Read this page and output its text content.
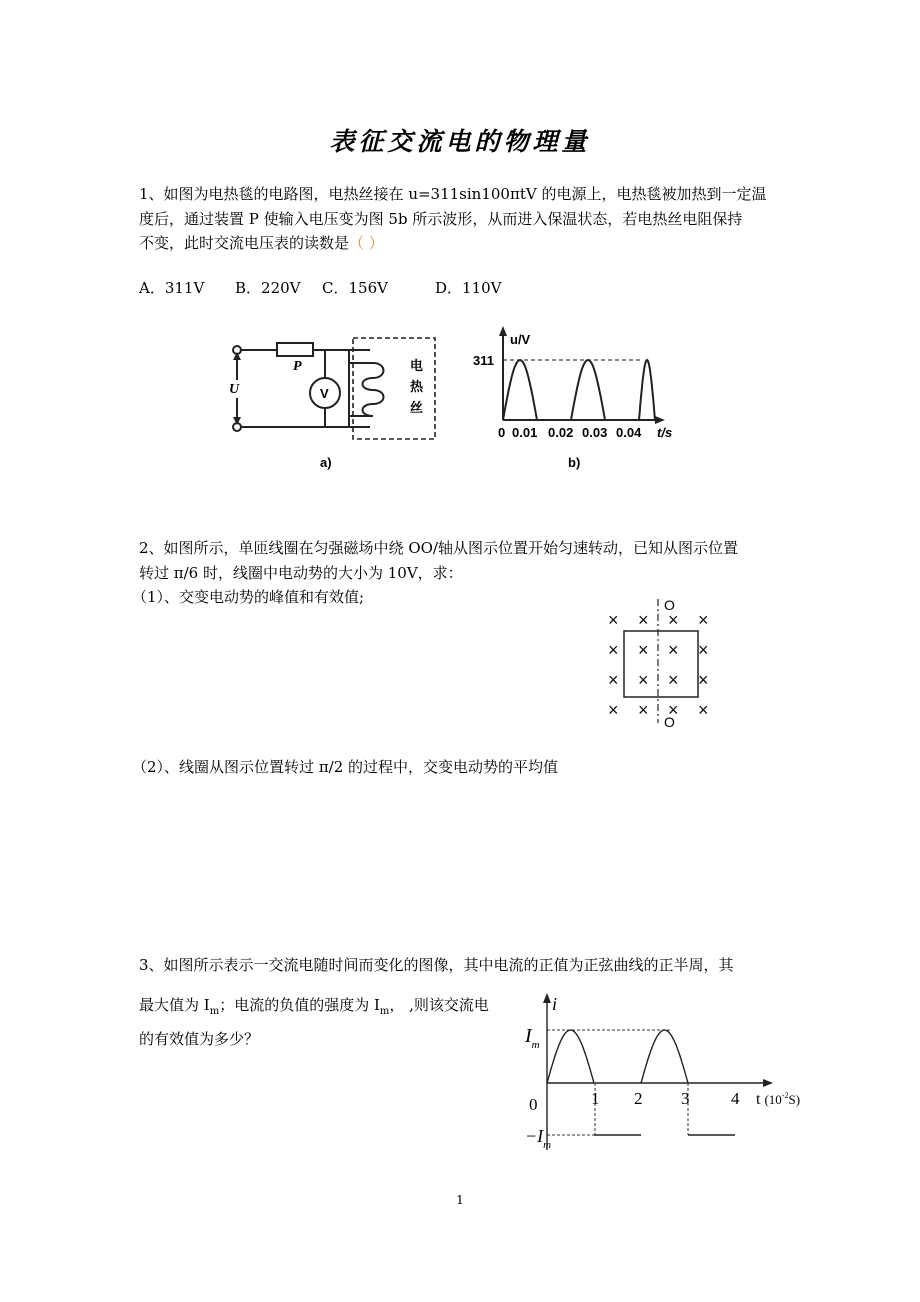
表征交流电的物理量
1、如图为电热毯的电路图，电热丝接在 u=311sin100πtV 的电源上，电热毯被加热到一定温
度后，通过装置 P 使输入电压变为图 5b 所示波形，从而进入保温状态，若电热丝电阻保持
不变，此时交流电压表的读数是（ ）
A．311V B．220V C．156V	D．110V
P
U	V
电
热
丝
a)
u/V
311
0 0.01 0.02 0.03 0.04 t/s
b)
2、如图所示，单匝线圈在匀强磁场中绕 OO/轴从图示位置开始匀速转动，已知从图示位置
转过 π/6 时，线圈中电动势的大小为 10V，求：
（1）、交变电动势的峰值和有效值;
× × × ×
× × × ×
× × × ×
× × × ×
O
O
（2）、线圈从图示位置转过 π/2 的过程中，交变电动势的平均值
3、如图所示表示一交流电随时间而变化的图像，其中电流的正值为正弦曲线的正半周，其
最大值为 $I_m$；电流的负值的强度为 $I_m$， ,则该交流电
的有效值为多少？
i
$I_m$
$-I_m$
0	1 2 3 4 t ($10^{-2}_{S)}$
1
